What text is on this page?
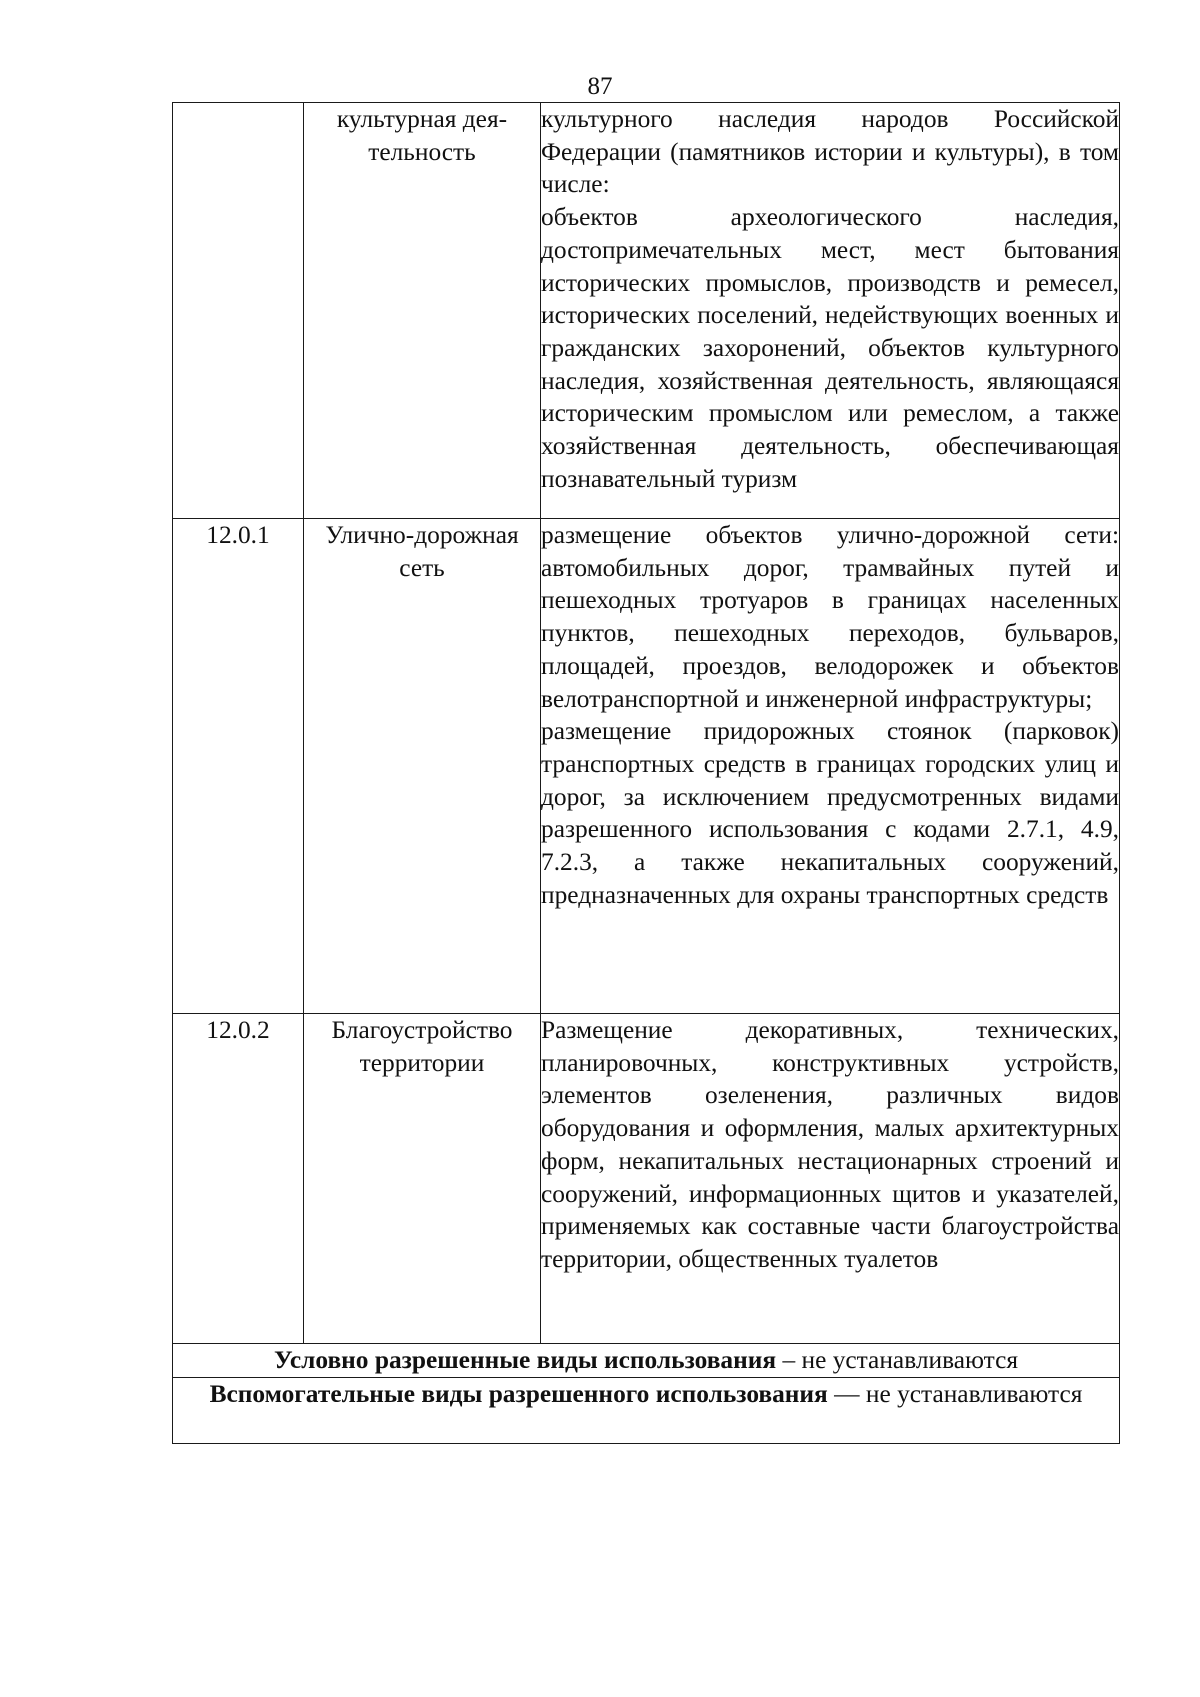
87
	культурная дея-тельность	культурного наследия народов Российской Федерации (памятников истории и культуры), в том числе:
объектов археологического наследия, достопримечательных мест, мест бытования исторических промыслов, производств и ремесел, исторических поселений, недействующих военных и гражданских захоронений, объектов культурного наследия, хозяйственная деятельность, являющаяся историческим промыслом или ремеслом, а также хозяйственная деятельность, обеспечивающая познавательный туризм

12.0.1	Улично-дорожная сеть	размещение объектов улично-дорожной сети: автомобильных дорог, трамвайных путей и пешеходных тротуаров в границах населенных пунктов, пешеходных переходов, бульваров, площадей, проездов, велодорожек и объектов велотранспортной и инженерной инфраструктуры;
размещение придорожных стоянок (парковок) транспортных средств в границах городских улиц и дорог, за исключением предусмотренных видами разрешенного использования с кодами 2.7.1, 4.9, 7.2.3, а также некапитальных сооружений, предназначенных для охраны транспортных средств

12.0.2	Благоустройство территории	Размещение декоративных, технических, планировочных, конструктивных устройств, элементов озеленения, различных видов оборудования и оформления, малых архитектурных форм, некапитальных нестационарных строений и сооружений, информационных щитов и указателей, применяемых как составные части благоустройства территории, общественных туалетов

Условно разрешенные виды использования – не устанавливаются		
Вспомогательные виды разрешенного использования — не устанавливаются		
